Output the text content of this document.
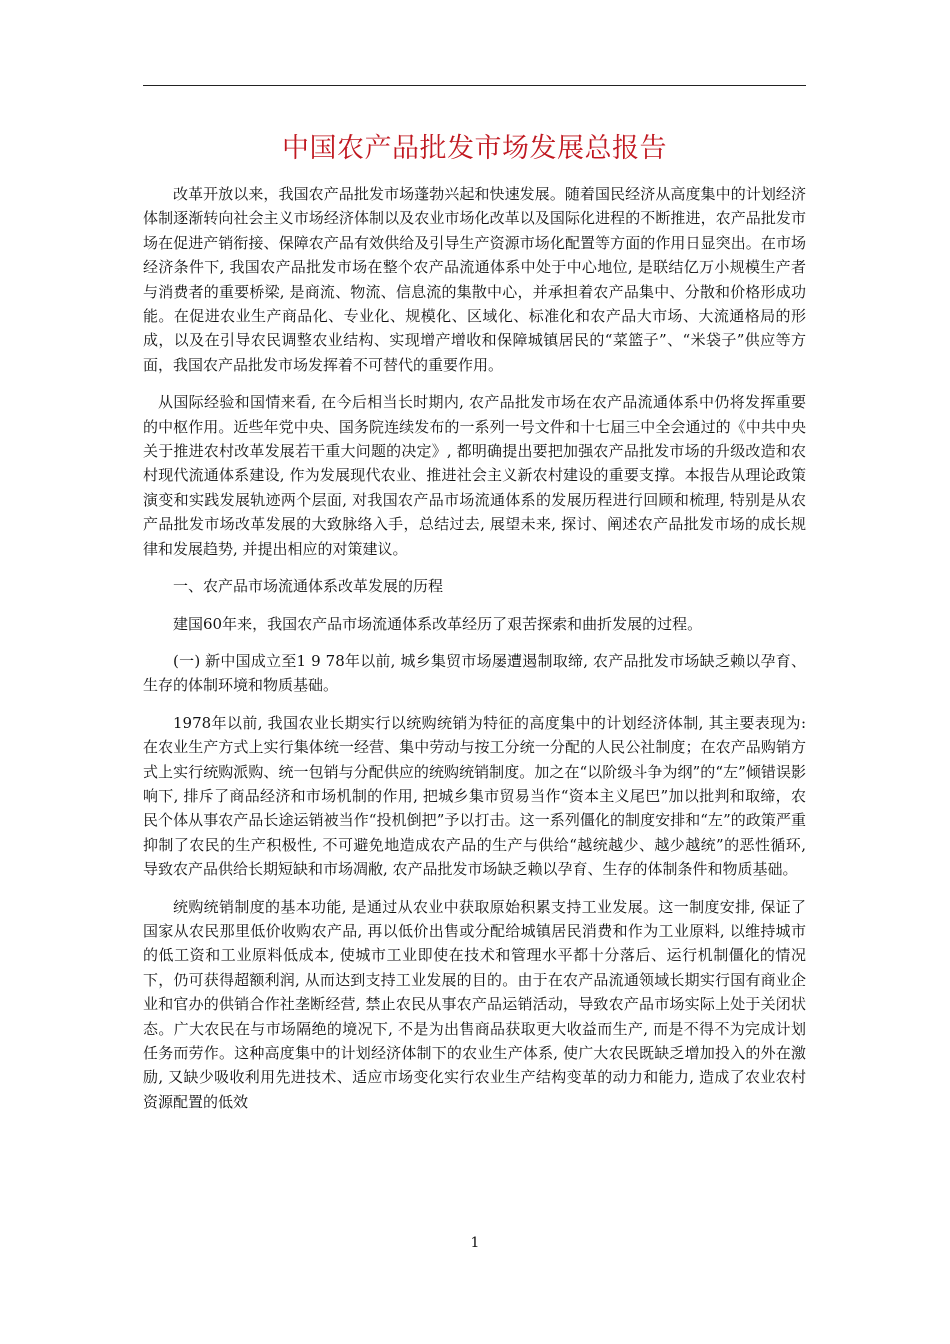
中国农产品批发市场发展总报告

改革开放以来，我国农产品批发市场蓬勃兴起和快速发展。随着国民经济从高度集中的计划经济体制逐渐转向社会主义市场经济体制以及农业市场化改革以及国际化进程的不断推进，农产品批发市场在促进产销衔接、保障农产品有效供给及引导生产资源市场化配置等方面的作用日显突出。在市场经济条件下, 我国农产品批发市场在整个农产品流通体系中处于中心地位, 是联结亿万小规模生产者与消费者的重要桥梁, 是商流、物流、信息流的集散中心，并承担着农产品集中、分散和价格形成功能。在促进农业生产商品化、专业化、规模化、区域化、标准化和农产品大市场、大流通格局的形成，以及在引导农民调整农业结构、实现增产增收和保障城镇居民的“菜篮子”、“米袋子”供应等方面，我国农产品批发市场发挥着不可替代的重要作用。

从国际经验和国情来看, 在今后相当长时期内, 农产品批发市场在农产品流通体系中仍将发挥重要的中枢作用。近些年党中央、国务院连续发布的一系列一号文件和十七届三中全会通过的《中共中央关于推进农村改革发展若干重大问题的决定》, 都明确提出要把加强农产品批发市场的升级改造和农村现代流通体系建设, 作为发展现代农业、推进社会主义新农村建设的重要支撑。本报告从理论政策演变和实践发展轨迹两个层面, 对我国农产品市场流通体系的发展历程进行回顾和梳理, 特别是从农产品批发市场改革发展的大致脉络入手，总结过去, 展望未来, 探讨、阐述农产品批发市场的成长规律和发展趋势, 并提出相应的对策建议。

一、农产品市场流通体系改革发展的历程

建国60年来，我国农产品市场流通体系改革经历了艰苦探索和曲折发展的过程。

(一) 新中国成立至1 9 78年以前, 城乡集贸市场屡遭遏制取缔, 农产品批发市场缺乏赖以孕育、生存的体制环境和物质基础。

1978年以前, 我国农业长期实行以统购统销为特征的高度集中的计划经济体制, 其主要表现为: 在农业生产方式上实行集体统一经营、集中劳动与按工分统一分配的人民公社制度；在农产品购销方式上实行统购派购、统一包销与分配供应的统购统销制度。加之在“以阶级斗争为纲”的“左”倾错误影响下, 排斥了商品经济和市场机制的作用, 把城乡集市贸易当作“资本主义尾巴”加以批判和取缔，农民个体从事农产品长途运销被当作“投机倒把”予以打击。这一系列僵化的制度安排和“左”的政策严重抑制了农民的生产积极性, 不可避免地造成农产品的生产与供给“越统越少、越少越统”的恶性循环, 导致农产品供给长期短缺和市场凋敝, 农产品批发市场缺乏赖以孕育、生存的体制条件和物质基础。

统购统销制度的基本功能, 是通过从农业中获取原始积累支持工业发展。这一制度安排, 保证了国家从农民那里低价收购农产品, 再以低价出售或分配给城镇居民消费和作为工业原料, 以维持城市的低工资和工业原料低成本, 使城市工业即使在技术和管理水平都十分落后、运行机制僵化的情况下，仍可获得超额利润, 从而达到支持工业发展的目的。由于在农产品流通领域长期实行国有商业企业和官办的供销合作社垄断经营, 禁止农民从事农产品运销活动，导致农产品市场实际上处于关闭状态。广大农民在与市场隔绝的境况下, 不是为出售商品获取更大收益而生产, 而是不得不为完成计划任务而劳作。这种高度集中的计划经济体制下的农业生产体系, 使广大农民既缺乏增加投入的外在激励, 又缺少吸收利用先进技术、适应市场变化实行农业生产结构变革的动力和能力, 造成了农业农村资源配置的低效

1
